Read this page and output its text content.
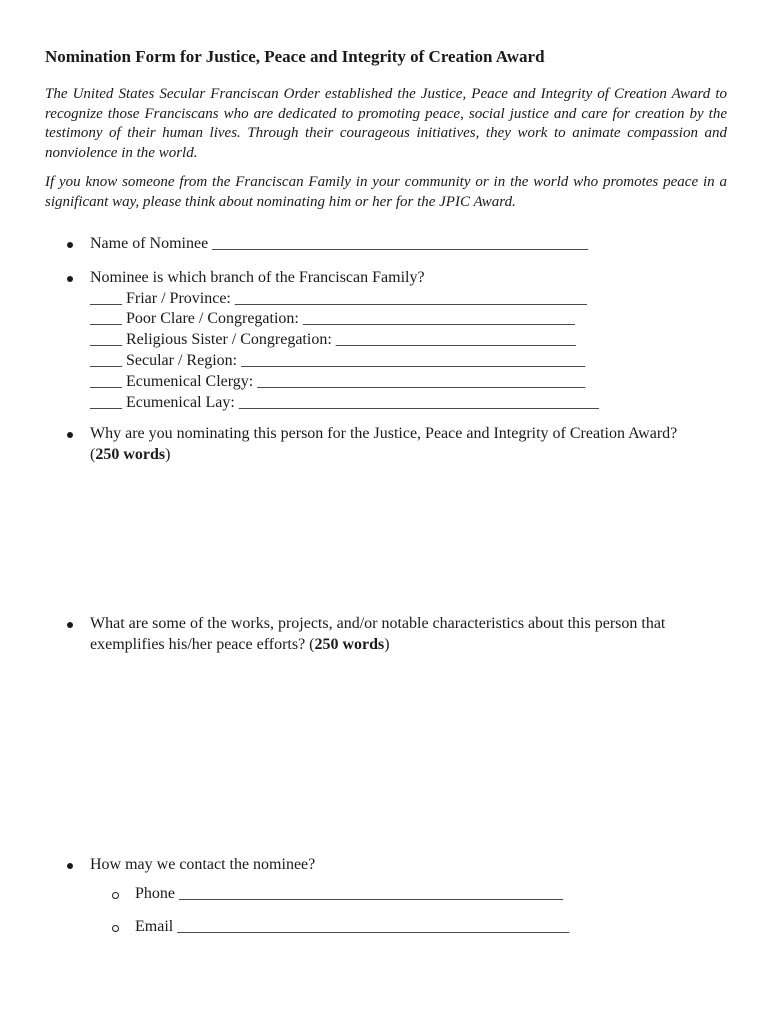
Nomination Form for Justice, Peace and Integrity of Creation Award

The United States Secular Franciscan Order established the Justice, Peace and Integrity of Creation Award to recognize those Franciscans who are dedicated to promoting peace, social justice and care for creation by the testimony of their human lives. Through their courageous initiatives, they work to animate compassion and nonviolence in the world.

If you know someone from the Franciscan Family in your community or in the world who promotes peace in a significant way, please think about nominating him or her for the JPIC Award.

Name of Nominee _______________________________________________
Nominee is which branch of the Franciscan Family?
____ Friar / Province: ____________________________________________
____ Poor Clare / Congregation: __________________________________
____ Religious Sister / Congregation: ______________________________
____ Secular / Region: ___________________________________________
____ Ecumenical Clergy: _________________________________________
____ Ecumenical Lay: _____________________________________________
Why are you nominating this person for the Justice, Peace and Integrity of Creation Award?
(250 words)
What are some of the works, projects, and/or notable characteristics about this person that exemplifies his/her peace efforts? (250 words)
How may we contact the nominee?
Phone ________________________________________________
Email _________________________________________________
